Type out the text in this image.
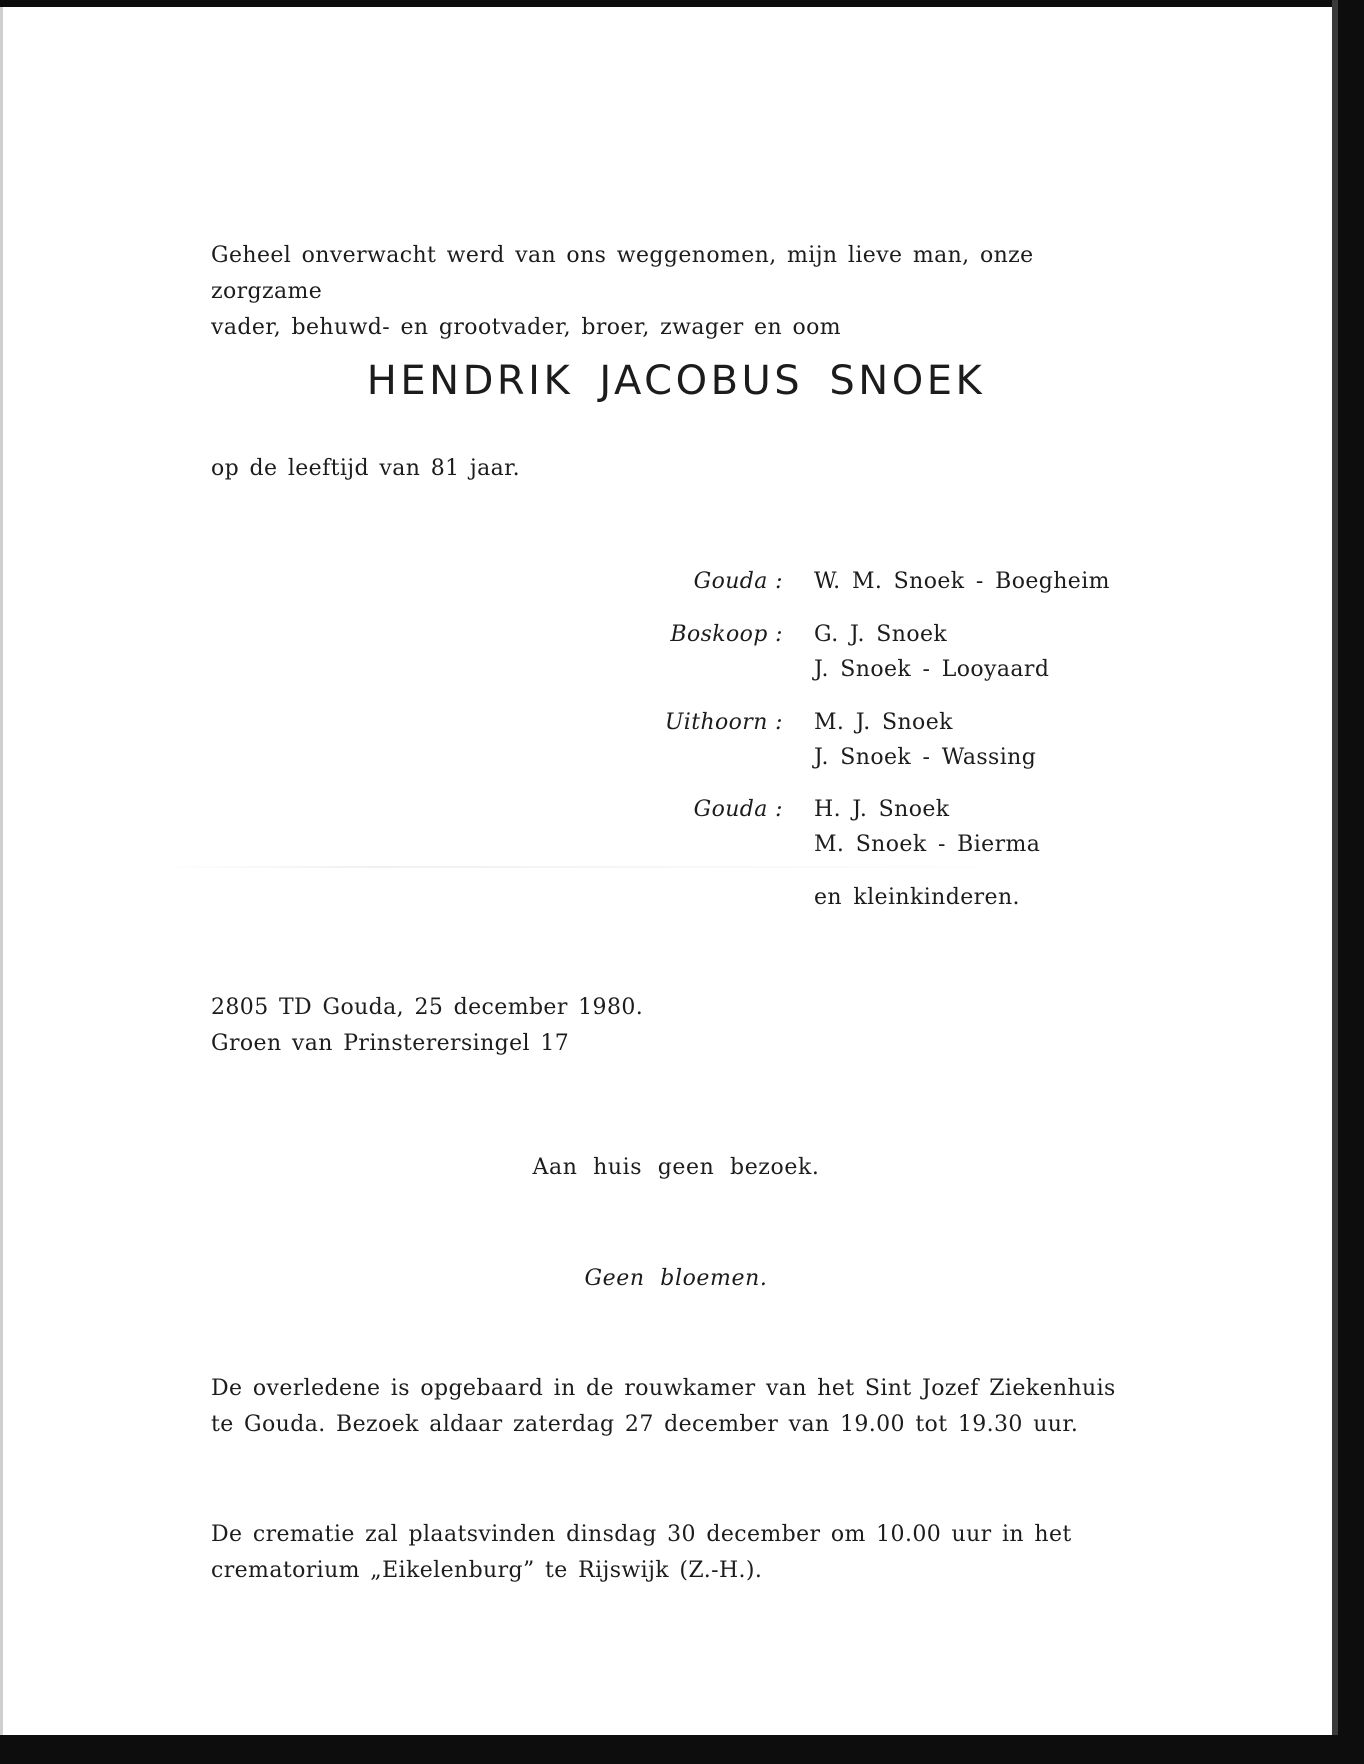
Geheel onverwacht werd van ons weggenomen, mijn lieve man, onze zorgzame
vader, behuwd- en grootvader, broer, zwager en oom
HENDRIK JACOBUS SNOEK
op de leeftijd van 81 jaar.
Gouda : W. M. Snoek - Boegheim
Boskoop : G. J. Snoek
J. Snoek - Looyaard
Uithoorn : M. J. Snoek
J. Snoek - Wassing
Gouda : H. J. Snoek
M. Snoek - Bierma
en kleinkinderen.
2805 TD Gouda, 25 december 1980.
Groen van Prinsterersingel 17
Aan huis geen bezoek.
Geen bloemen.
De overledene is opgebaard in de rouwkamer van het Sint Jozef Ziekenhuis
te Gouda. Bezoek aldaar zaterdag 27 december van 19.00 tot 19.30 uur.
De crematie zal plaatsvinden dinsdag 30 december om 10.00 uur in het
crematorium „Eikelenburg” te Rijswijk (Z.-H.).
